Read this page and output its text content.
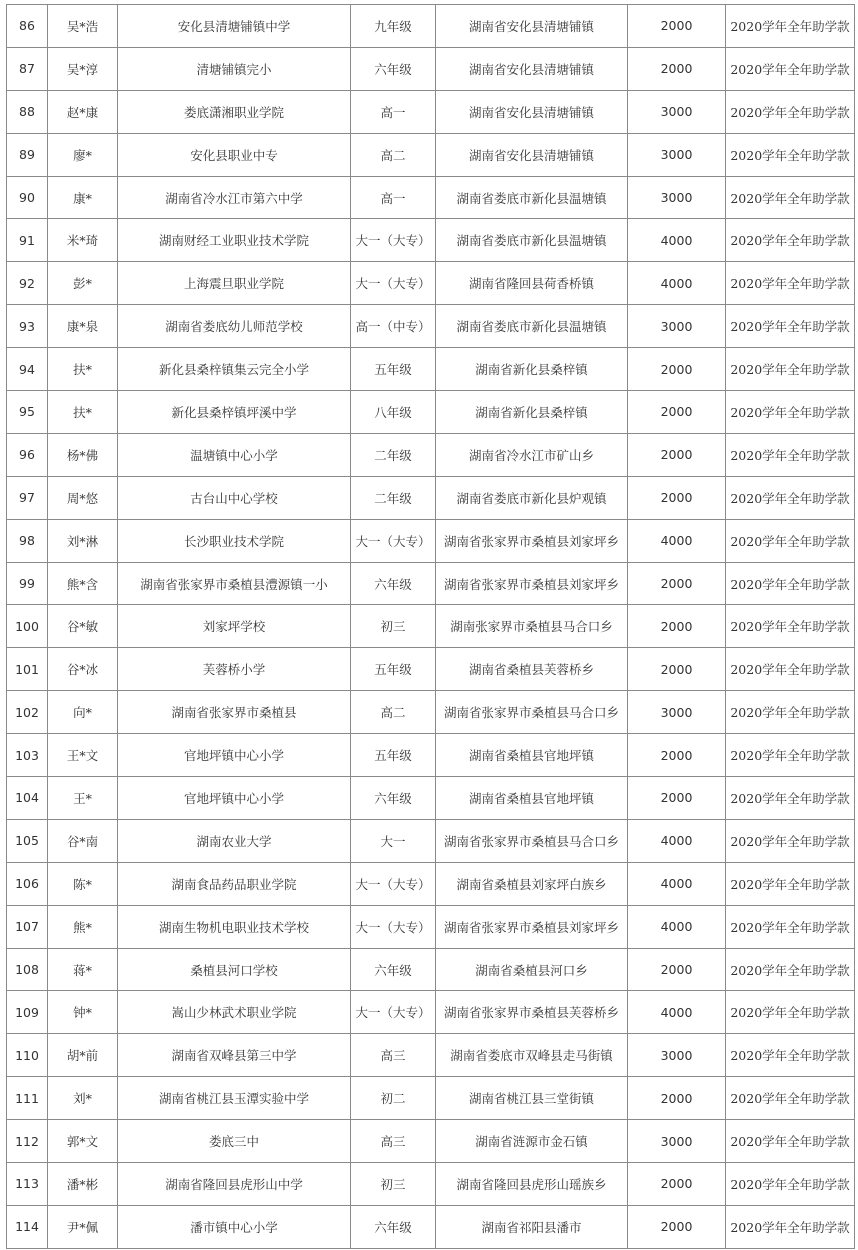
86	吴*浩	安化县清塘铺镇中学	九年级	湖南省安化县清塘铺镇	2000	2020学年全年助学款
87	吴*淳	清塘铺镇完小	六年级	湖南省安化县清塘铺镇	2000	2020学年全年助学款
88	赵*康	娄底潇湘职业学院	高一	湖南省安化县清塘铺镇	3000	2020学年全年助学款
89	廖*	安化县职业中专	高二	湖南省安化县清塘铺镇	3000	2020学年全年助学款
90	康*	湖南省冷水江市第六中学	高一	湖南省娄底市新化县温塘镇	3000	2020学年全年助学款
91	米*琦	湖南财经工业职业技术学院	大一（大专）	湖南省娄底市新化县温塘镇	4000	2020学年全年助学款
92	彭*	上海震旦职业学院	大一（大专）	湖南省隆回县荷香桥镇	4000	2020学年全年助学款
93	康*泉	湖南省娄底幼儿师范学校	高一（中专）	湖南省娄底市新化县温塘镇	3000	2020学年全年助学款
94	扶*	新化县桑梓镇集云完全小学	五年级	湖南省新化县桑梓镇	2000	2020学年全年助学款
95	扶*	新化县桑梓镇坪溪中学	八年级	湖南省新化县桑梓镇	2000	2020学年全年助学款
96	杨*佛	温塘镇中心小学	二年级	湖南省冷水江市矿山乡	2000	2020学年全年助学款
97	周*悠	古台山中心学校	二年级	湖南省娄底市新化县炉观镇	2000	2020学年全年助学款
98	刘*淋	长沙职业技术学院	大一（大专）	湖南省张家界市桑植县刘家坪乡	4000	2020学年全年助学款
99	熊*含	湖南省张家界市桑植县澧源镇一小	六年级	湖南省张家界市桑植县刘家坪乡	2000	2020学年全年助学款
100	谷*敏	刘家坪学校	初三	湖南张家界市桑植县马合口乡	2000	2020学年全年助学款
101	谷*冰	芙蓉桥小学	五年级	湖南省桑植县芙蓉桥乡	2000	2020学年全年助学款
102	向*	湖南省张家界市桑植县	高二	湖南省张家界市桑植县马合口乡	3000	2020学年全年助学款
103	王*文	官地坪镇中心小学	五年级	湖南省桑植县官地坪镇	2000	2020学年全年助学款
104	王*	官地坪镇中心小学	六年级	湖南省桑植县官地坪镇	2000	2020学年全年助学款
105	谷*南	湖南农业大学	大一	湖南省张家界市桑植县马合口乡	4000	2020学年全年助学款
106	陈*	湖南食品药品职业学院	大一（大专）	湖南省桑植县刘家坪白族乡	4000	2020学年全年助学款
107	熊*	湖南生物机电职业技术学校	大一（大专）	湖南省张家界市桑植县刘家坪乡	4000	2020学年全年助学款
108	蒋*	桑植县河口学校	六年级	湖南省桑植县河口乡	2000	2020学年全年助学款
109	钟*	嵩山少林武术职业学院	大一（大专）	湖南省张家界市桑植县芙蓉桥乡	4000	2020学年全年助学款
110	胡*前	湖南省双峰县第三中学	高三	湖南省娄底市双峰县走马街镇	3000	2020学年全年助学款
111	刘*	湖南省桃江县玉潭实验中学	初二	湖南省桃江县三堂街镇	2000	2020学年全年助学款
112	郭*文	娄底三中	高三	湖南省涟源市金石镇	3000	2020学年全年助学款
113	潘*彬	湖南省隆回县虎形山中学	初三	湖南省隆回县虎形山瑶族乡	2000	2020学年全年助学款
114	尹*佩	潘市镇中心小学	六年级	湖南省祁阳县潘市	2000	2020学年全年助学款
